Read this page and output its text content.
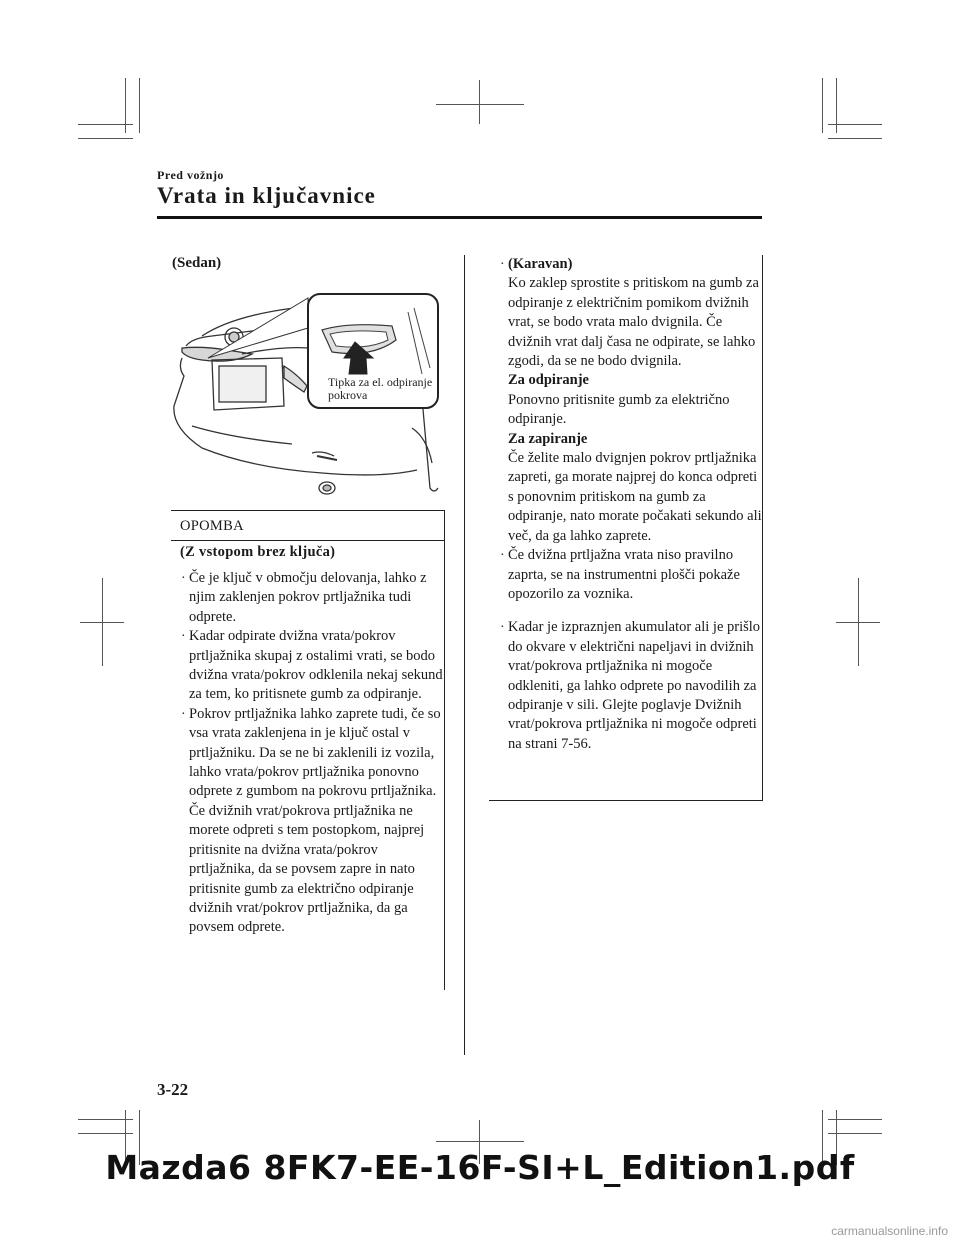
Pred vožnjo
Vrata in ključavnice
(Sedan)
Tipka za el. odpiranje
pokrova
OPOMBA
(Z vstopom brez ključa)
· Če je ključ v območju delovanja, lahko z njim zaklenjen pokrov prtljažnika tudi odprete.
· Kadar odpirate dvižna vrata/pokrov prtljažnika skupaj z ostalimi vrati, se bodo dvižna vrata/pokrov odklenila nekaj sekund za tem, ko pritisnete gumb za odpiranje.
· Pokrov prtljažnika lahko zaprete tudi, če so vsa vrata zaklenjena in je ključ ostal v prtljažniku. Da se ne bi zaklenili iz vozila, lahko vrata/pokrov prtljažnika ponovno odprete z gumbom na pokrovu prtljažnika. Če dvižnih vrat/pokrova prtljažnika ne morete odpreti s tem postopkom, najprej pritisnite na dvižna vrata/pokrov prtljažnika, da se povsem zapre in nato pritisnite gumb za električno odpiranje dvižnih vrat/pokrov prtljažnika, da ga povsem odprete.
· (Karavan)
Ko zaklep sprostite s pritiskom na gumb za odpiranje z električnim pomikom dvižnih vrat, se bodo vrata malo dvignila. Če dvižnih vrat dalj časa ne odpirate, se lahko zgodi, da se ne bodo dvignila.
Za odpiranje
Ponovno pritisnite gumb za električno odpiranje.
Za zapiranje
Če želite malo dvignjen pokrov prtljažnika zapreti, ga morate najprej do konca odpreti s ponovnim pritiskom na gumb za odpiranje, nato morate počakati sekundo ali več, da ga lahko zaprete.
· Če dvižna prtljažna vrata niso pravilno zaprta, se na instrumentni plošči pokaže opozorilo za voznika.
· Kadar je izpraznjen akumulator ali je prišlo do okvare v električni napeljavi in dvižnih vrat/pokrova prtljažnika ni mogoče odkleniti, ga lahko odprete po navodilih za odpiranje v sili. Glejte poglavje Dvižnih vrat/pokrova prtljažnika ni mogoče odpreti na strani 7-56.
3-22
Mazda6 8FK7-EE-16F-SI+L_Edition1.pdf
carmanualsonline.info
